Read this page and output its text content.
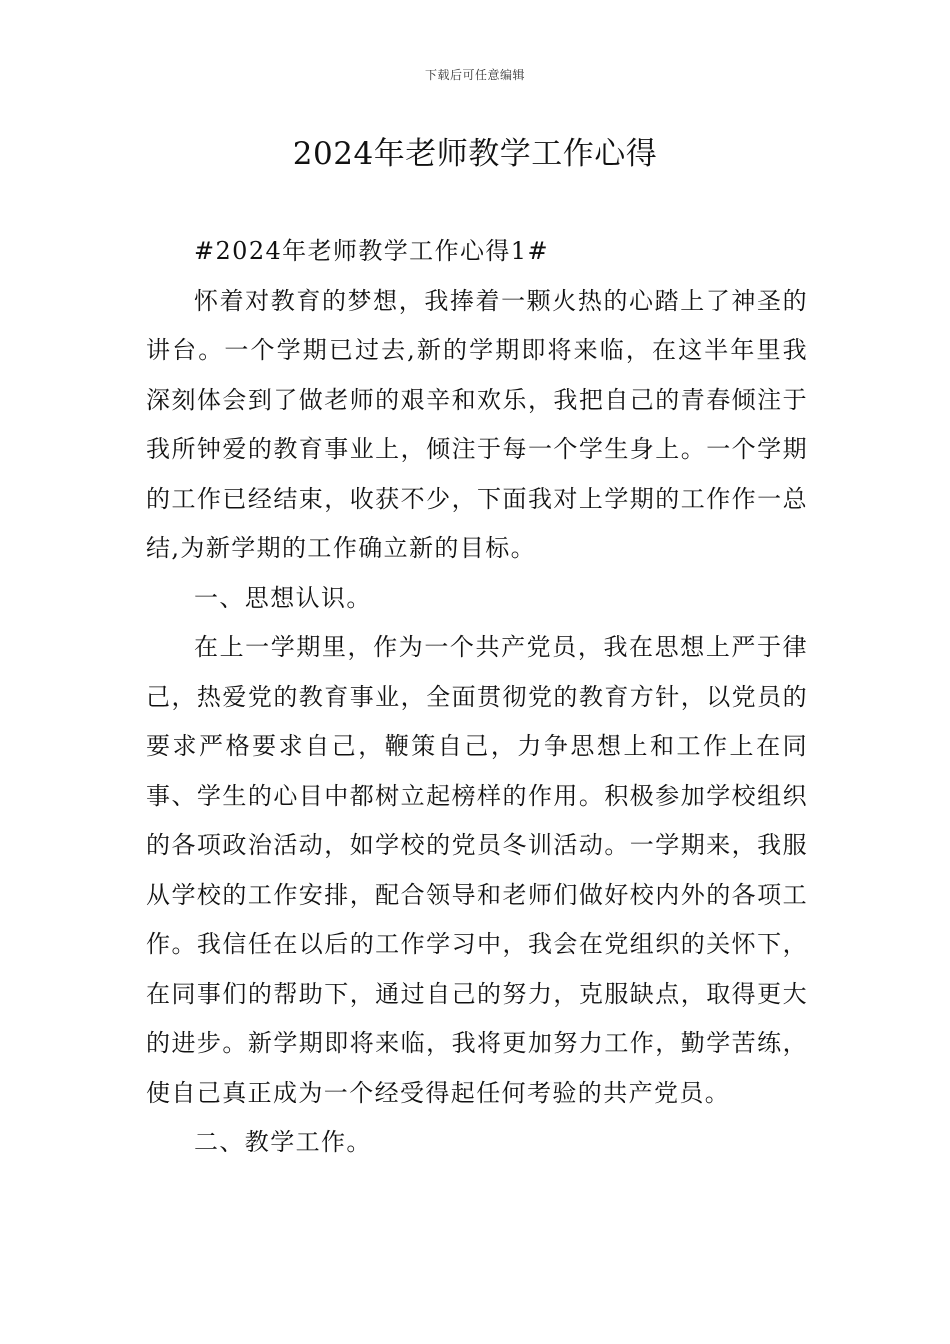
下载后可任意编辑
2024年老师教学工作心得

#2024年老师教学工作心得1#

怀着对教育的梦想，我捧着一颗火热的心踏上了神圣的讲台。一个学期已过去,新的学期即将来临，在这半年里我深刻体会到了做老师的艰辛和欢乐，我把自己的青春倾注于我所钟爱的教育事业上，倾注于每一个学生身上。一个学期的工作已经结束，收获不少，下面我对上学期的工作作一总结,为新学期的工作确立新的目标。

一、思想认识。

在上一学期里，作为一个共产党员，我在思想上严于律己，热爱党的教育事业，全面贯彻党的教育方针，以党员的要求严格要求自己，鞭策自己，力争思想上和工作上在同事、学生的心目中都树立起榜样的作用。积极参加学校组织的各项政治活动，如学校的党员冬训活动。一学期来，我服从学校的工作安排，配合领导和老师们做好校内外的各项工作。我信任在以后的工作学习中，我会在党组织的关怀下，在同事们的帮助下，通过自己的努力，克服缺点，取得更大的进步。新学期即将来临，我将更加努力工作，勤学苦练，使自己真正成为一个经受得起任何考验的共产党员。

二、教学工作。
